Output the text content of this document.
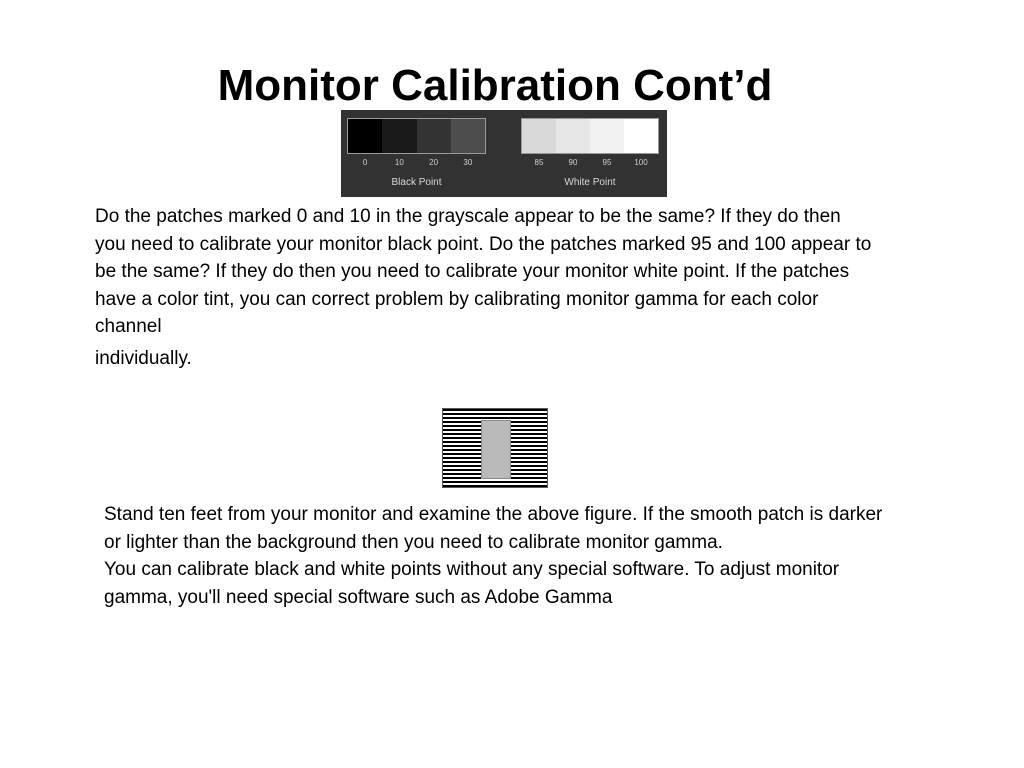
Monitor Calibration Cont’d
0	10	20	30	85	90	95	100
Black Point	White Point

Do the patches marked 0 and 10 in the grayscale appear to be the same? If they do then you need to calibrate your monitor black point. Do the patches marked 95 and 100 appear to be the same? If they do then you need to calibrate your monitor white point. If the patches have a color tint, you can correct problem by calibrating monitor gamma for each color channel
individually.

Stand ten feet from your monitor and examine the above figure. If the smooth patch is darker or lighter than the background then you need to calibrate monitor gamma.
You can calibrate black and white points without any special software. To adjust monitor gamma, you'll need special software such as Adobe Gamma
